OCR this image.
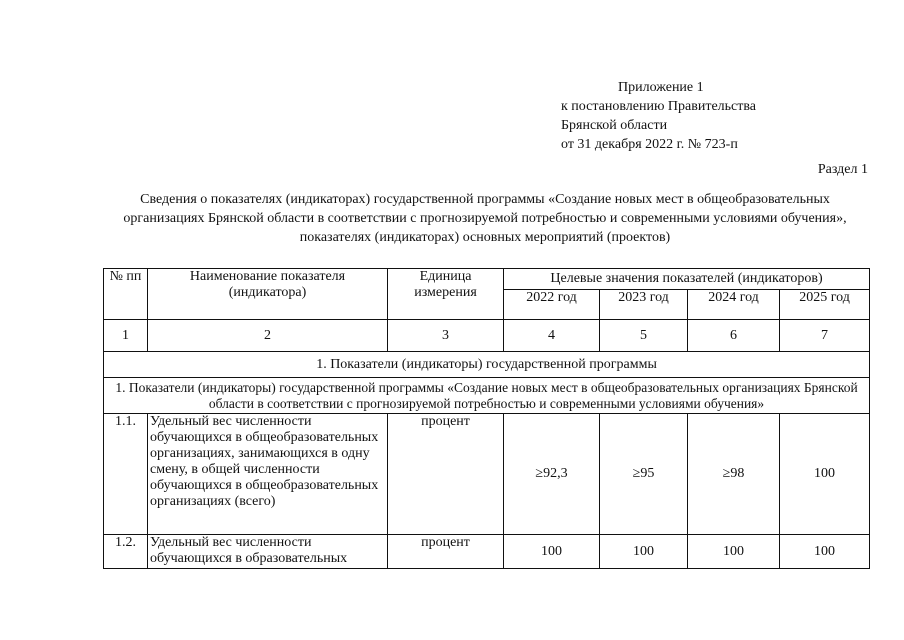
Приложение 1
к постановлению Правительства
Брянской области
от 31 декабря 2022 г. № 723-п
Раздел 1
Сведения о показателях (индикаторах) государственной программы «Создание новых мест в общеобразовательных организациях Брянской области в соответствии с прогнозируемой потребностью и современными условиями обучения», показателях (индикаторах) основных мероприятий (проектов)
№ пп	Наименование показателя (индикатора)	Единица измерения	Целевые значения показателей (индикаторов)			
			2022 год	2023 год	2024 год	2025 год
1	2	3	4	5	6	7
1. Показатели (индикаторы) государственной программы						
1. Показатели (индикаторы) государственной программы «Создание новых мест в общеобразовательных организациях Брянской области в соответствии с прогнозируемой потребностью и современными условиями обучения»						
1.1.	Удельный вес численности обучающихся в общеобразовательных организациях, занимающихся в одну смену, в общей численности обучающихся в общеобразовательных организациях (всего)	процент	≥92,3	≥95	≥98	100
1.2.	Удельный вес численности обучающихся в образовательных	процент	100	100	100	100
